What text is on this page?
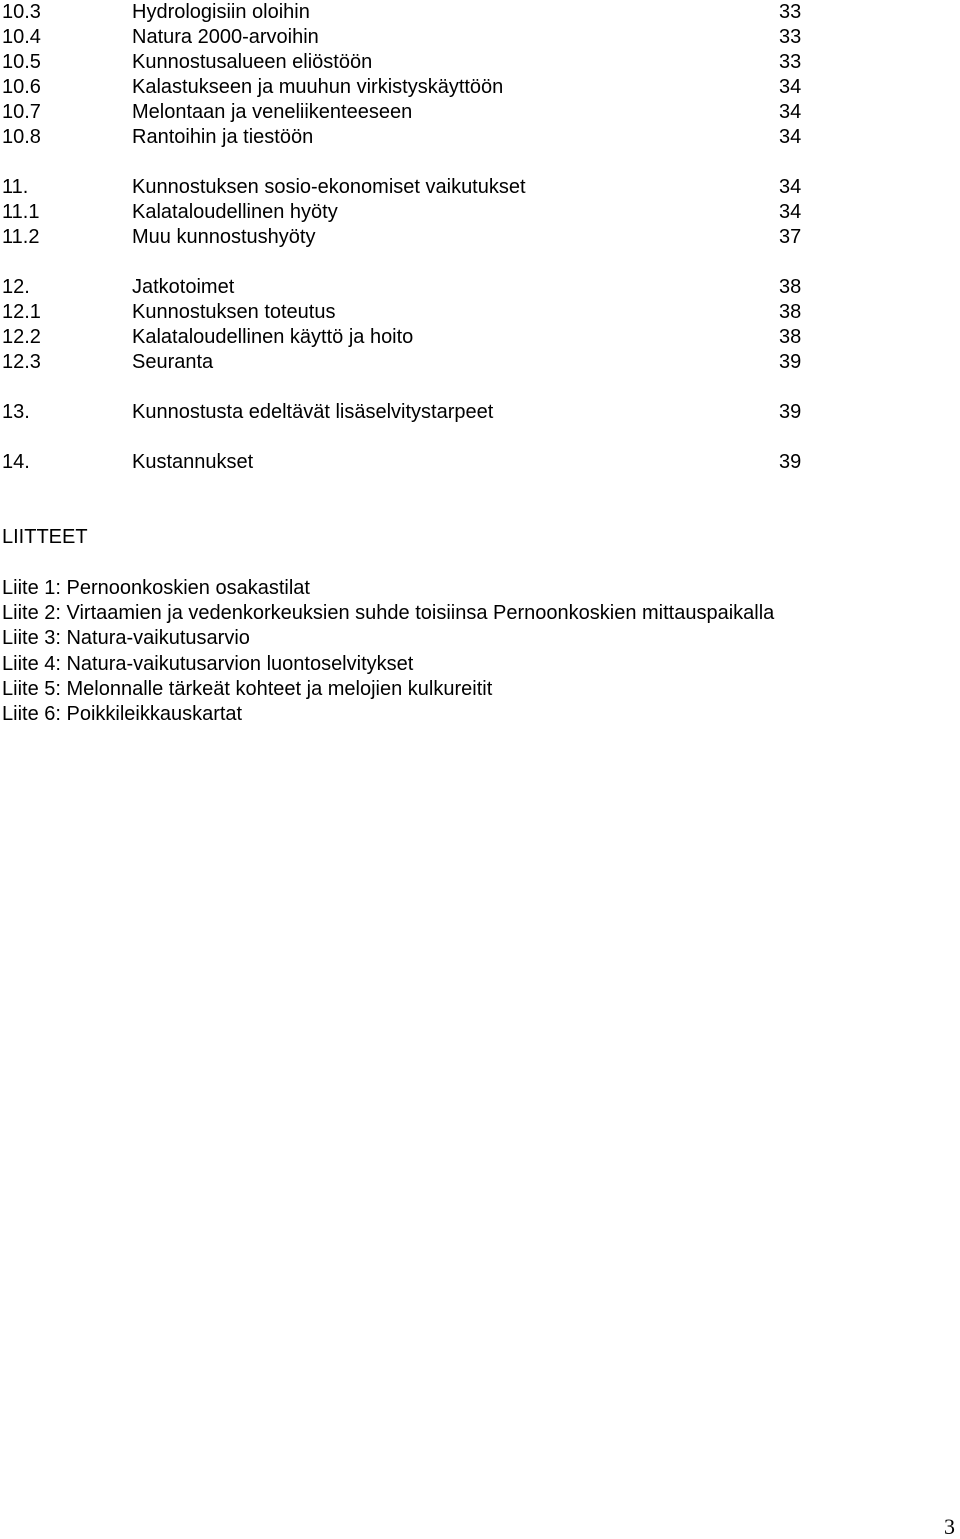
10.3	Hydrologisiin oloihin	33
10.4	Natura 2000-arvoihin	33
10.5	Kunnostusalueen eliöstöön	33
10.6	Kalastukseen ja muuhun virkistyskäyttöön	34
10.7	Melontaan ja veneliikenteeseen	34
10.8	Rantoihin ja tiestöön	34
11.	Kunnostuksen sosio-ekonomiset vaikutukset	34
11.1	Kalataloudellinen hyöty	34
11.2	Muu kunnostushyöty	37
12.	Jatkotoimet	38
12.1	Kunnostuksen toteutus	38
12.2	Kalataloudellinen käyttö ja hoito	38
12.3	Seuranta	39
13.	Kunnostusta edeltävät lisäselvitystarpeet	39
14.	Kustannukset	39
LIITTEET
Liite 1: Pernoonkoskien osakastilat
Liite 2: Virtaamien ja vedenkorkeuksien suhde toisiinsa Pernoonkoskien mittauspaikalla
Liite 3: Natura-vaikutusarvio
Liite 4: Natura-vaikutusarvion luontoselvitykset
Liite 5: Melonnalle tärkeät kohteet ja melojien kulkureitit
Liite 6: Poikkileikkauskartat
3
